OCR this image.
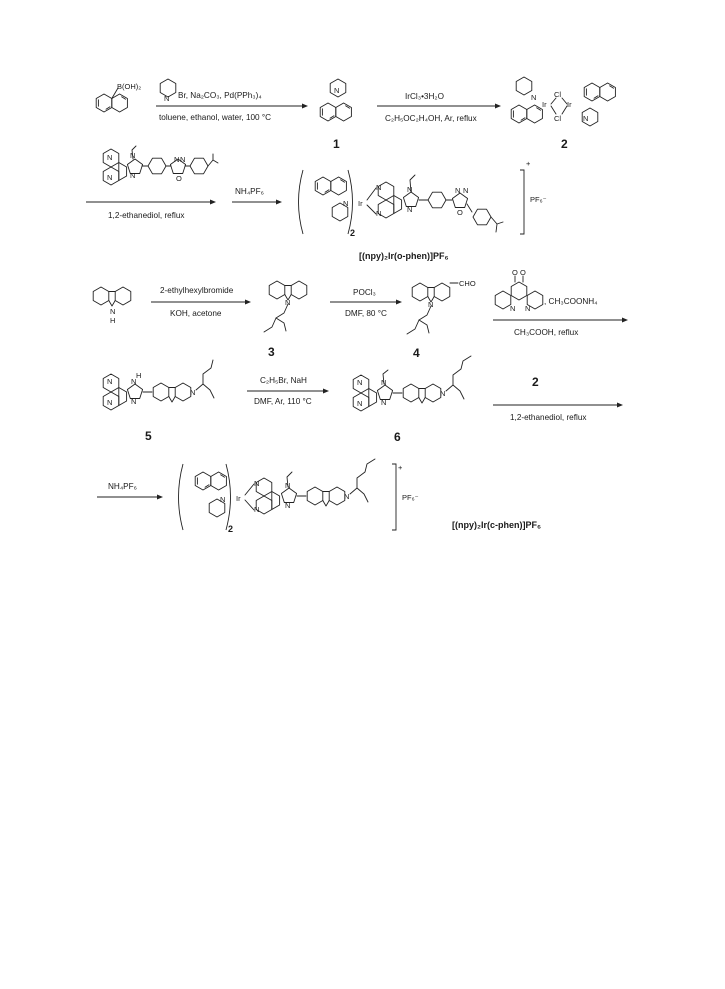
B(OH)₂
N Br, Na₂CO₃, Pd(PPh₃)₄
toluene, ethanol, water, 100 °C
N
1
IrCl₃•3H₂O
C₂H₅OC₂H₄OH, Ar, reflux
N
Ir
Cl
Cl
Ir
N
2
N
N
N
N
N N
O
1,2-ethanediol, reflux
NH₄PF₆
N
2
Ir
N
N
N
N
N N
O
+
PF₆⁻
[(npy)₂Ir(o-phen)]PF₆
N
H
2-ethylhexylbromide
KOH, acetone
N
3
POCl₃
DMF, 80 °C
N
CHO
4
O O
N N
, CH₃COONH₄
CH₃COOH, reflux
N
N
N
H
N
N
5
C₂H₅Br, NaH
DMF, Ar, 110 °C
N
N
N
N
N
6
2
1,2-ethanediol, reflux
NH₄PF₆
N
2
Ir
N
N
N
N
N
+
PF₆⁻
[(npy)₂Ir(c-phen)]PF₆
